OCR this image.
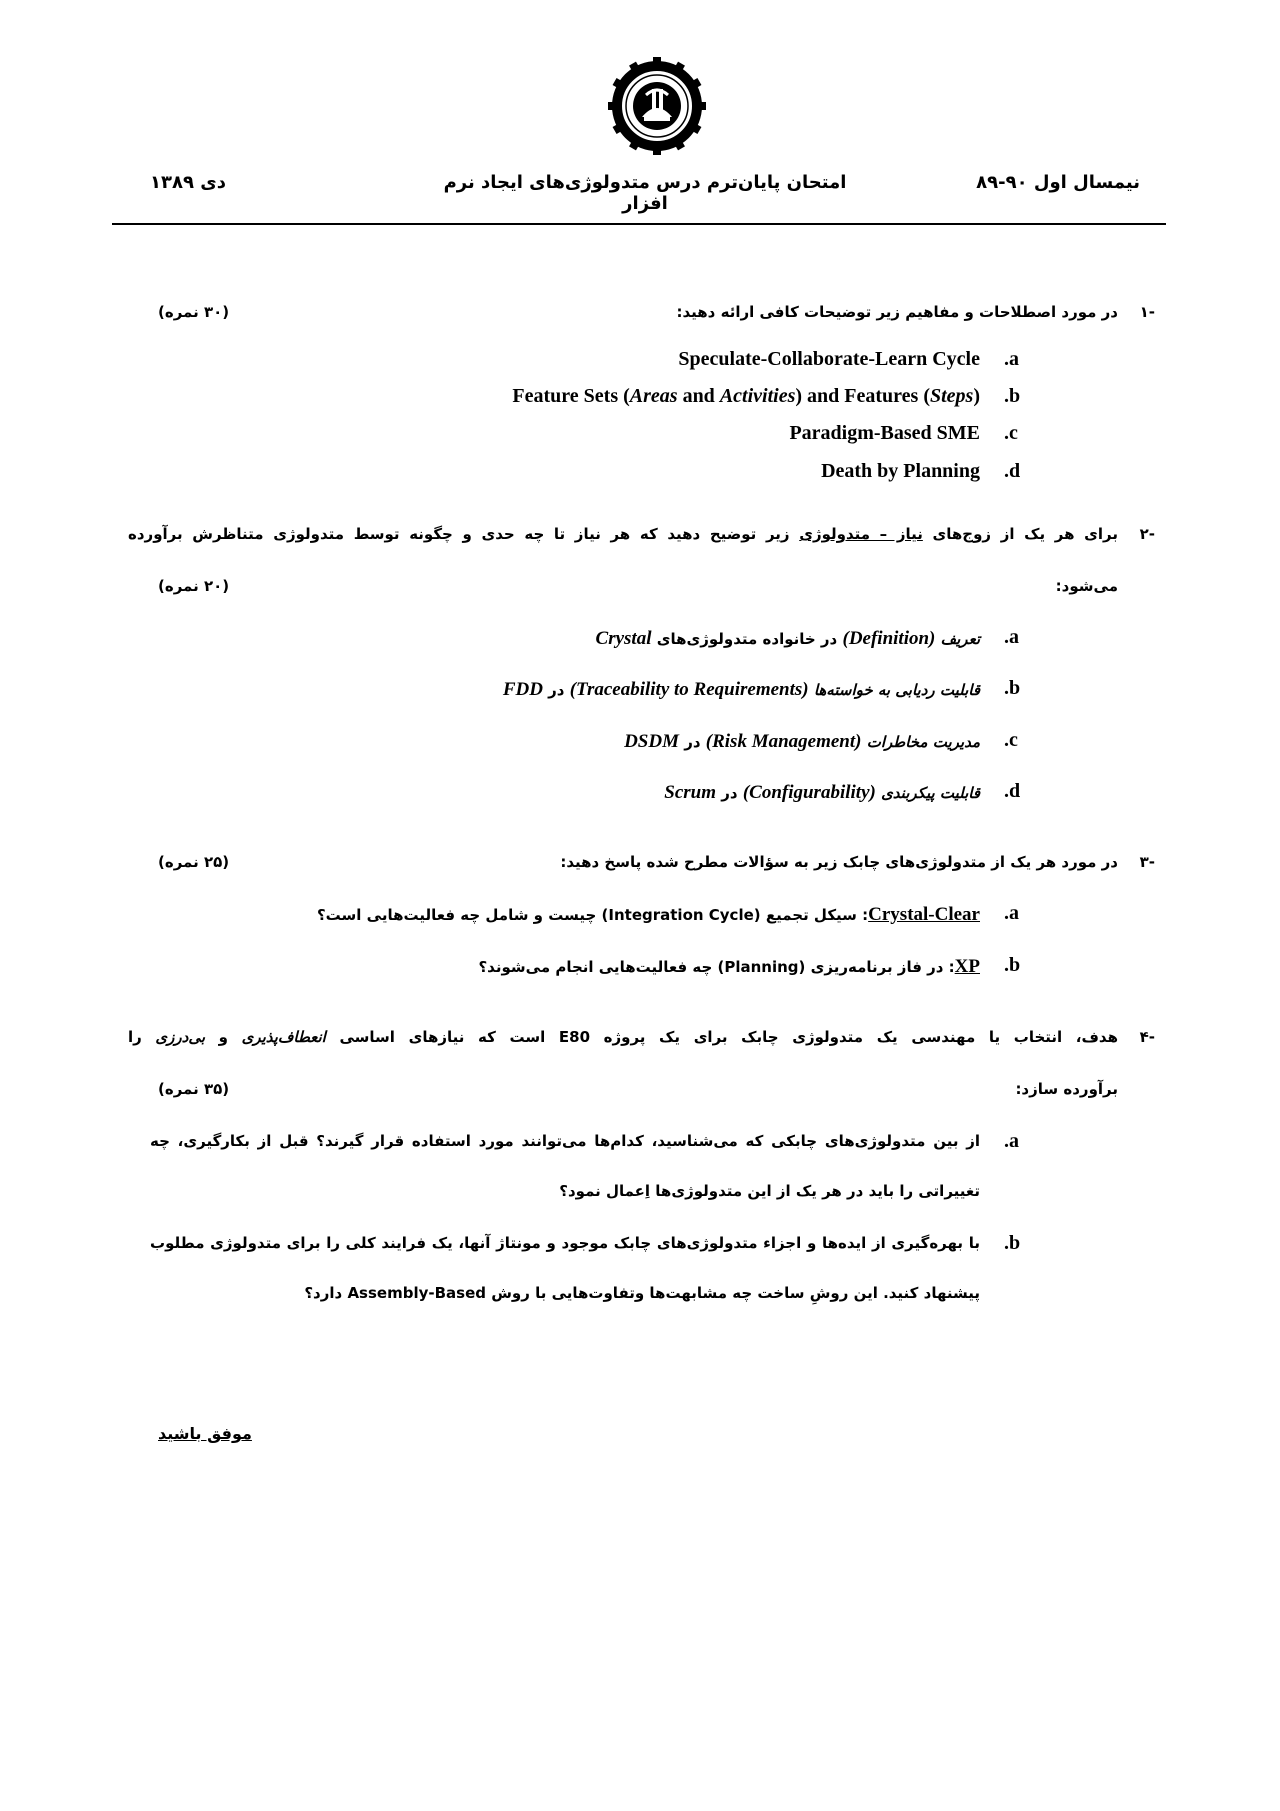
دی ۱۳۸۹	امتحان پایان‌ترم درس متدولوژی‌های ایجاد نرم افزار
نیمسال اول ۹۰-۸۹
-۱
در مورد اصطلاحات و مفاهیم زیر توضیحات کافی ارائه دهید:
(۳۰ نمره)
.a
Speculate-Collaborate-Learn Cycle
.b
Feature Sets (Areas and Activities) and Features (Steps)
.c
Paradigm-Based SME
.d
Death by Planning
-۲
برای هر یک از زوج‌های نیاز – متدولوژی زیر توضیح دهید که هر نیاز تا چه حدی و چگونه توسط متدولوژی متناظرش برآورده
می‌شود:
(۲۰ نمره)
.a
تعریف (Definition) در خانواده متدولوژی‌های Crystal
.b
قابلیت ردیابی به خواسته‌ها (Traceability to Requirements) در FDD
.c
مدیریت مخاطرات (Risk Management) در DSDM
.d
قابلیت پیکربندی (Configurability) در Scrum
-۳
در مورد هر یک از متدولوژی‌های چابک زیر به سؤالات مطرح شده پاسخ دهید:
(۲۵ نمره)
.a
Crystal-Clear: سیکل تجمیع (Integration Cycle) چیست و شامل چه فعالیت‌هایی است؟
.b
XP: در فاز برنامه‌ریزی (Planning) چه فعالیت‌هایی انجام می‌شوند؟
-۴
هدف، انتخاب یا مهندسی یک متدولوژی چابک برای یک پروژه E80 است که نیازهای اساسی انعطاف‌پذیری و بی‌درزی را
برآورده سازد:
(۳۵ نمره)
.a
از بین متدولوژی‌های چابکی که می‌شناسید، کدام‌ها می‌توانند مورد استفاده قرار گیرند؟ قبل از بکارگیری، چه
تغییراتی را باید در هر یک از این متدولوژی‌ها اِعمال نمود؟
.b
با بهره‌گیری از ایده‌ها و اجزاء متدولوژی‌های چابک موجود و مونتاژ آنها، یک فرایند کلی را برای متدولوژی مطلوب
پیشنهاد کنید. این روشِ ساخت چه مشابهت‌ها وتفاوت‌هایی با روش Assembly-Based دارد؟
موفق باشید
